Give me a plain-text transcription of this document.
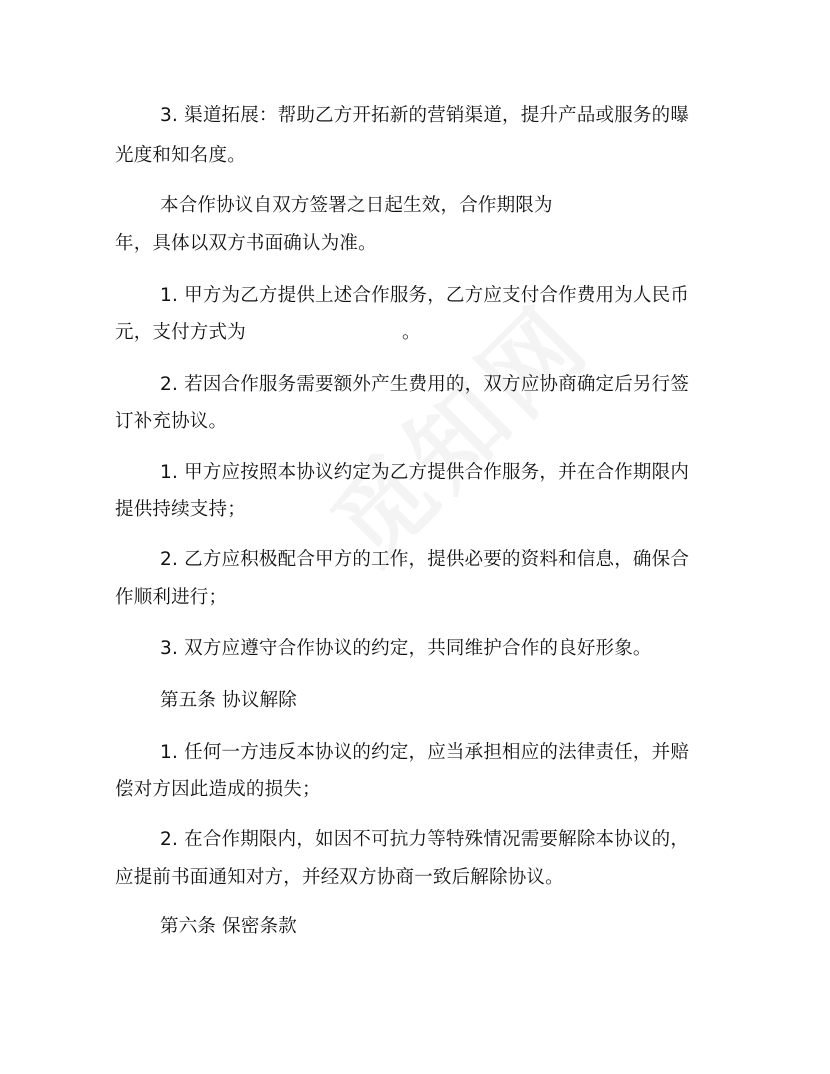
3. 渠道拓展：帮助乙方开拓新的营销渠道，提升产品或服务的曝
光度和知名度。
本合作协议自双方签署之日起生效，合作期限为
年，具体以双方书面确认为准。
1. 甲方为乙方提供上述合作服务，乙方应支付合作费用为人民币
元，支付方式为	。
2. 若因合作服务需要额外产生费用的，双方应协商确定后另行签
订补充协议。
1. 甲方应按照本协议约定为乙方提供合作服务，并在合作期限内
提供持续支持；
2. 乙方应积极配合甲方的工作，提供必要的资料和信息，确保合
作顺利进行；
3. 双方应遵守合作协议的约定，共同维护合作的良好形象。
第五条 协议解除
1. 任何一方违反本协议的约定，应当承担相应的法律责任，并赔
偿对方因此造成的损失；
2. 在合作期限内，如因不可抗力等特殊情况需要解除本协议的，
应提前书面通知对方，并经双方协商一致后解除协议。
第六条 保密条款
